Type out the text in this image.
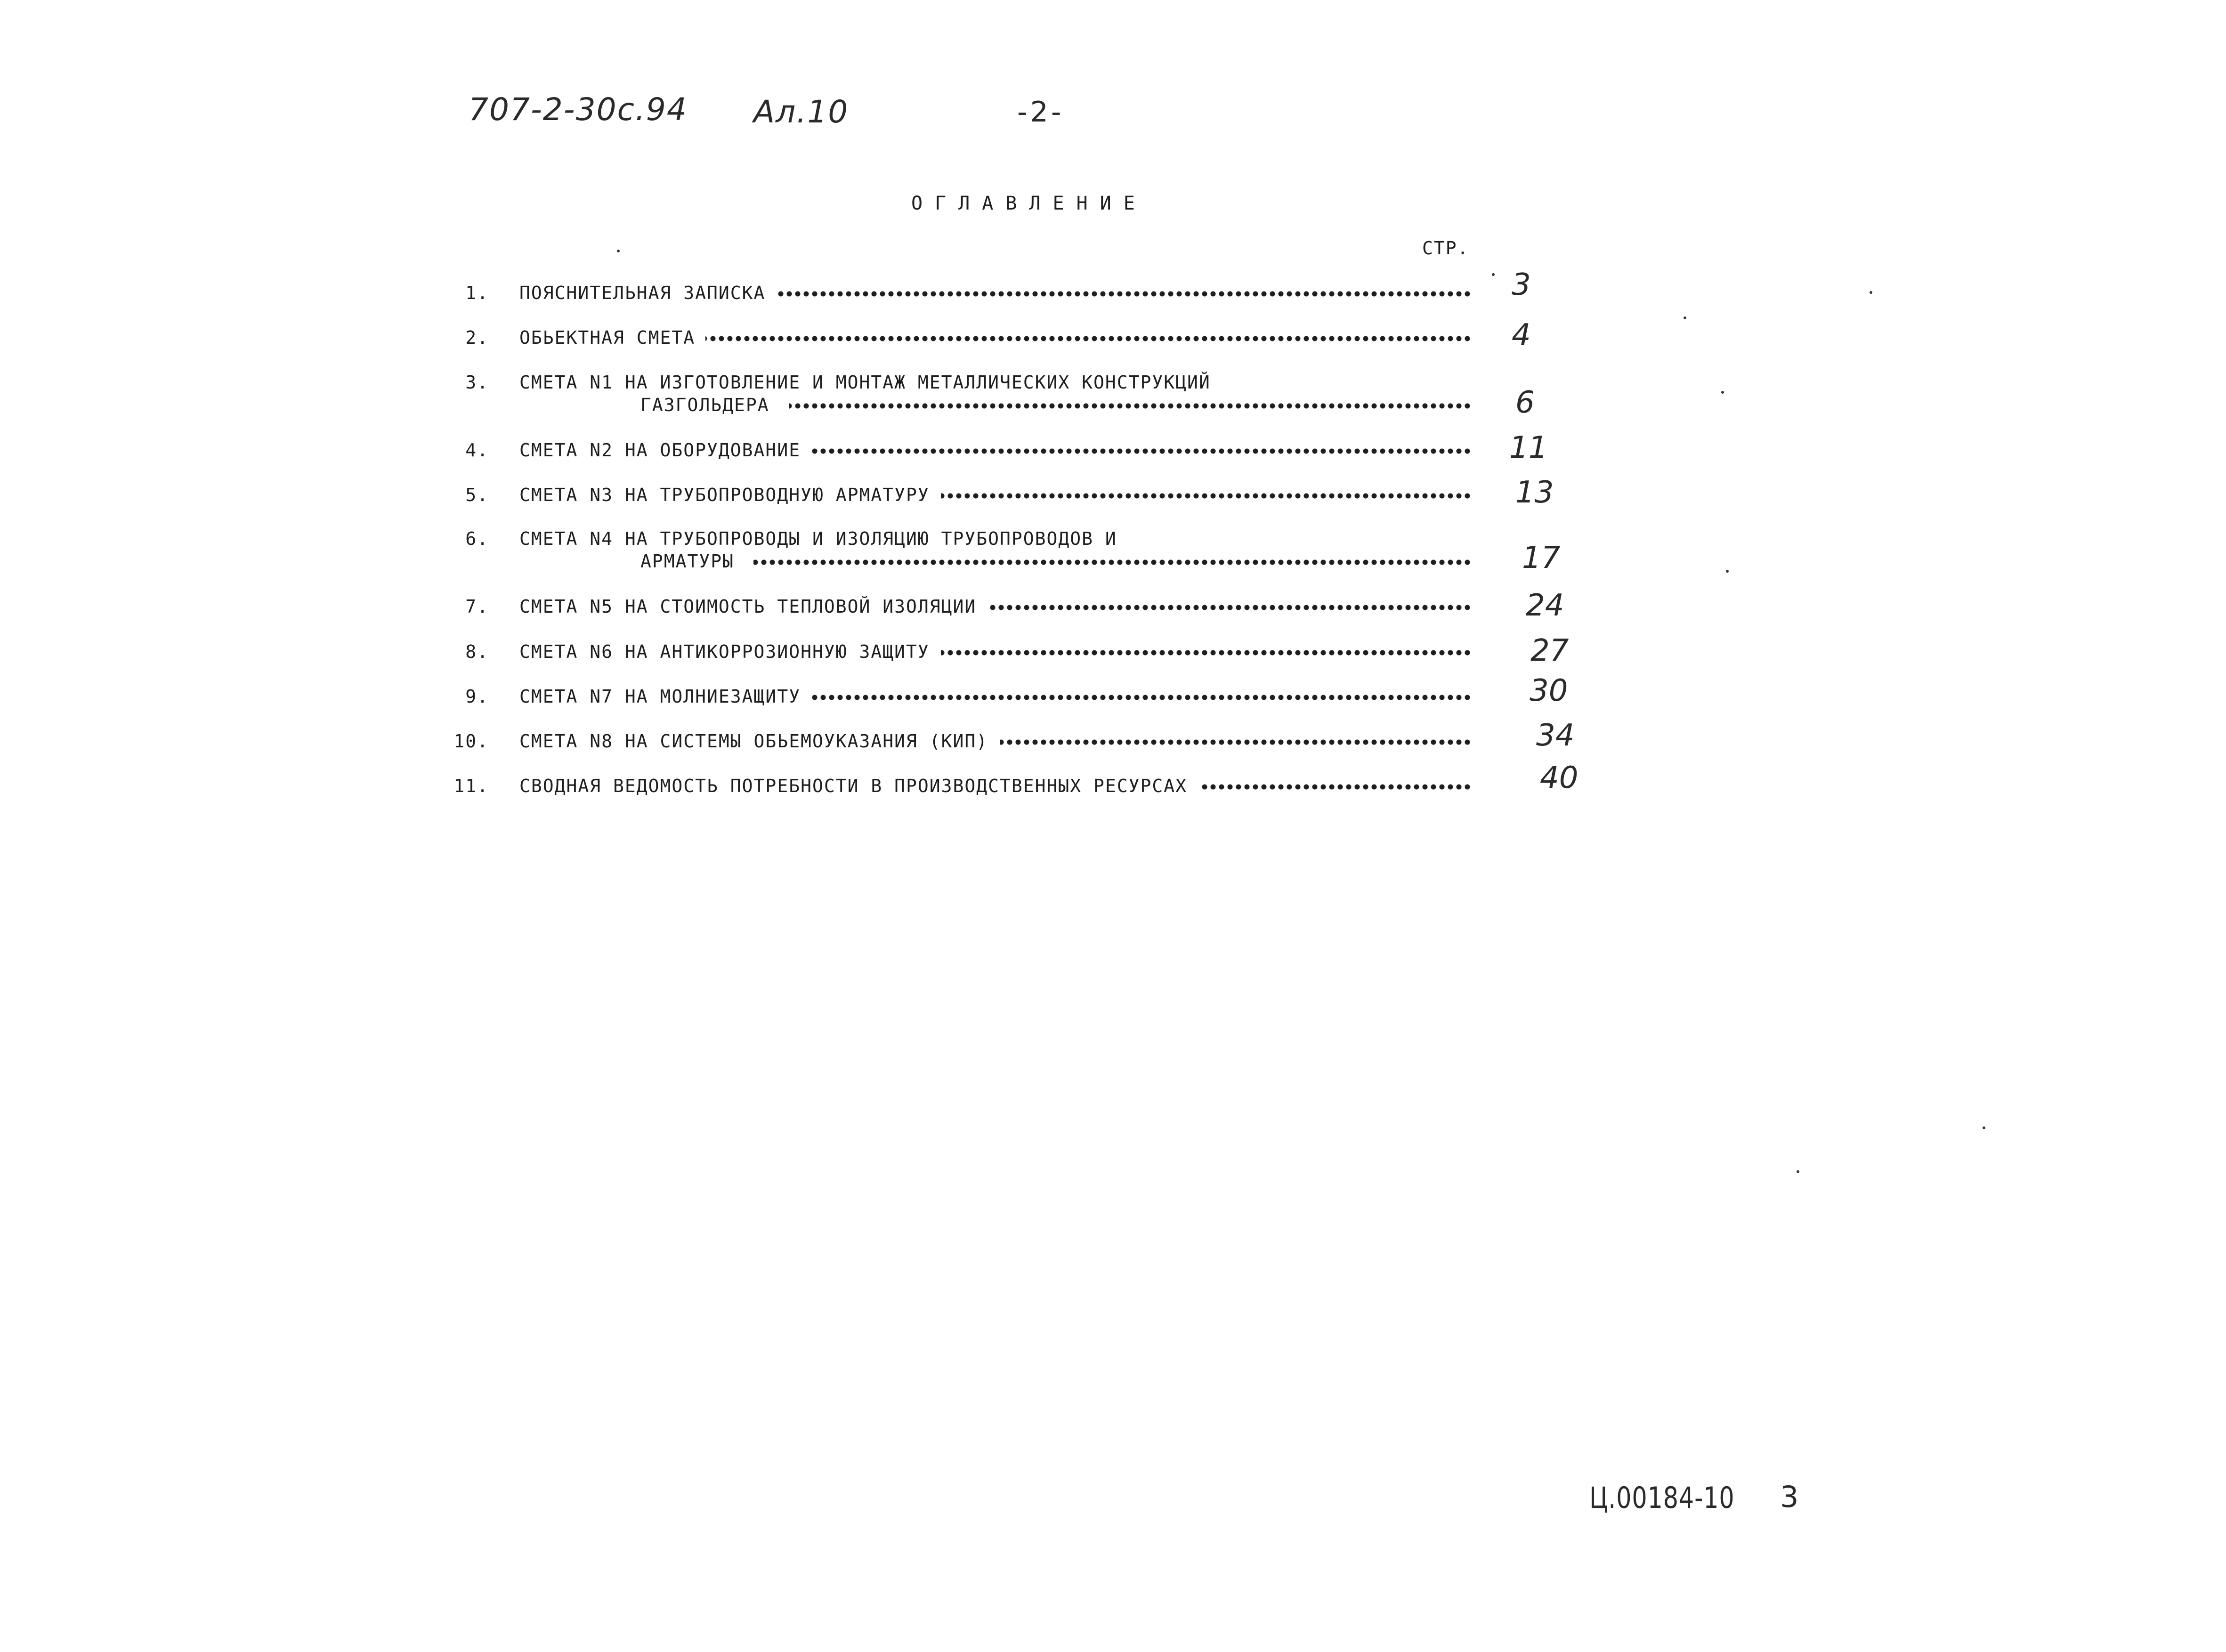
707-2-30с.94 Ал.10	-2-
ОГЛАВЛЕНИЕ
СТР.
1. ПОЯСНИТЕЛЬНАЯ ЗАПИСКА	3
2. ОБЬЕКТНАЯ СМЕТА	4
3. СМЕТА N1 НА ИЗГОТОВЛЕНИЕ И МОНТАЖ МЕТАЛЛИЧЕСКИХ КОНСТРУКЦИЙ
ГАЗГОЛЬДЕРА	6
4. СМЕТА N2 НА ОБОРУДОВАНИЕ	11
5. СМЕТА N3 НА ТРУБОПРОВОДНУЮ АРМАТУРУ	13
6. СМЕТА N4 НА ТРУБОПРОВОДЫ И ИЗОЛЯЦИЮ ТРУБОПРОВОДОВ И
АРМАТУРЫ	17
7. СМЕТА N5 НА СТОИМОСТЬ ТЕПЛОВОЙ ИЗОЛЯЦИИ	24
8. СМЕТА N6 НА АНТИКОРРОЗИОННУЮ ЗАЩИТУ	27
9. СМЕТА N7 НА МОЛНИЕЗАЩИТУ	30
10. СМЕТА N8 НА СИСТЕМЫ ОБЬЕМОУКАЗАНИЯ (КИП)	34
11. СВОДНАЯ ВЕДОМОСТЬ ПОТРЕБНОСТИ В ПРОИЗВОДСТВЕННЫХ РЕСУРСАХ	40
Ц.00184-10 3
